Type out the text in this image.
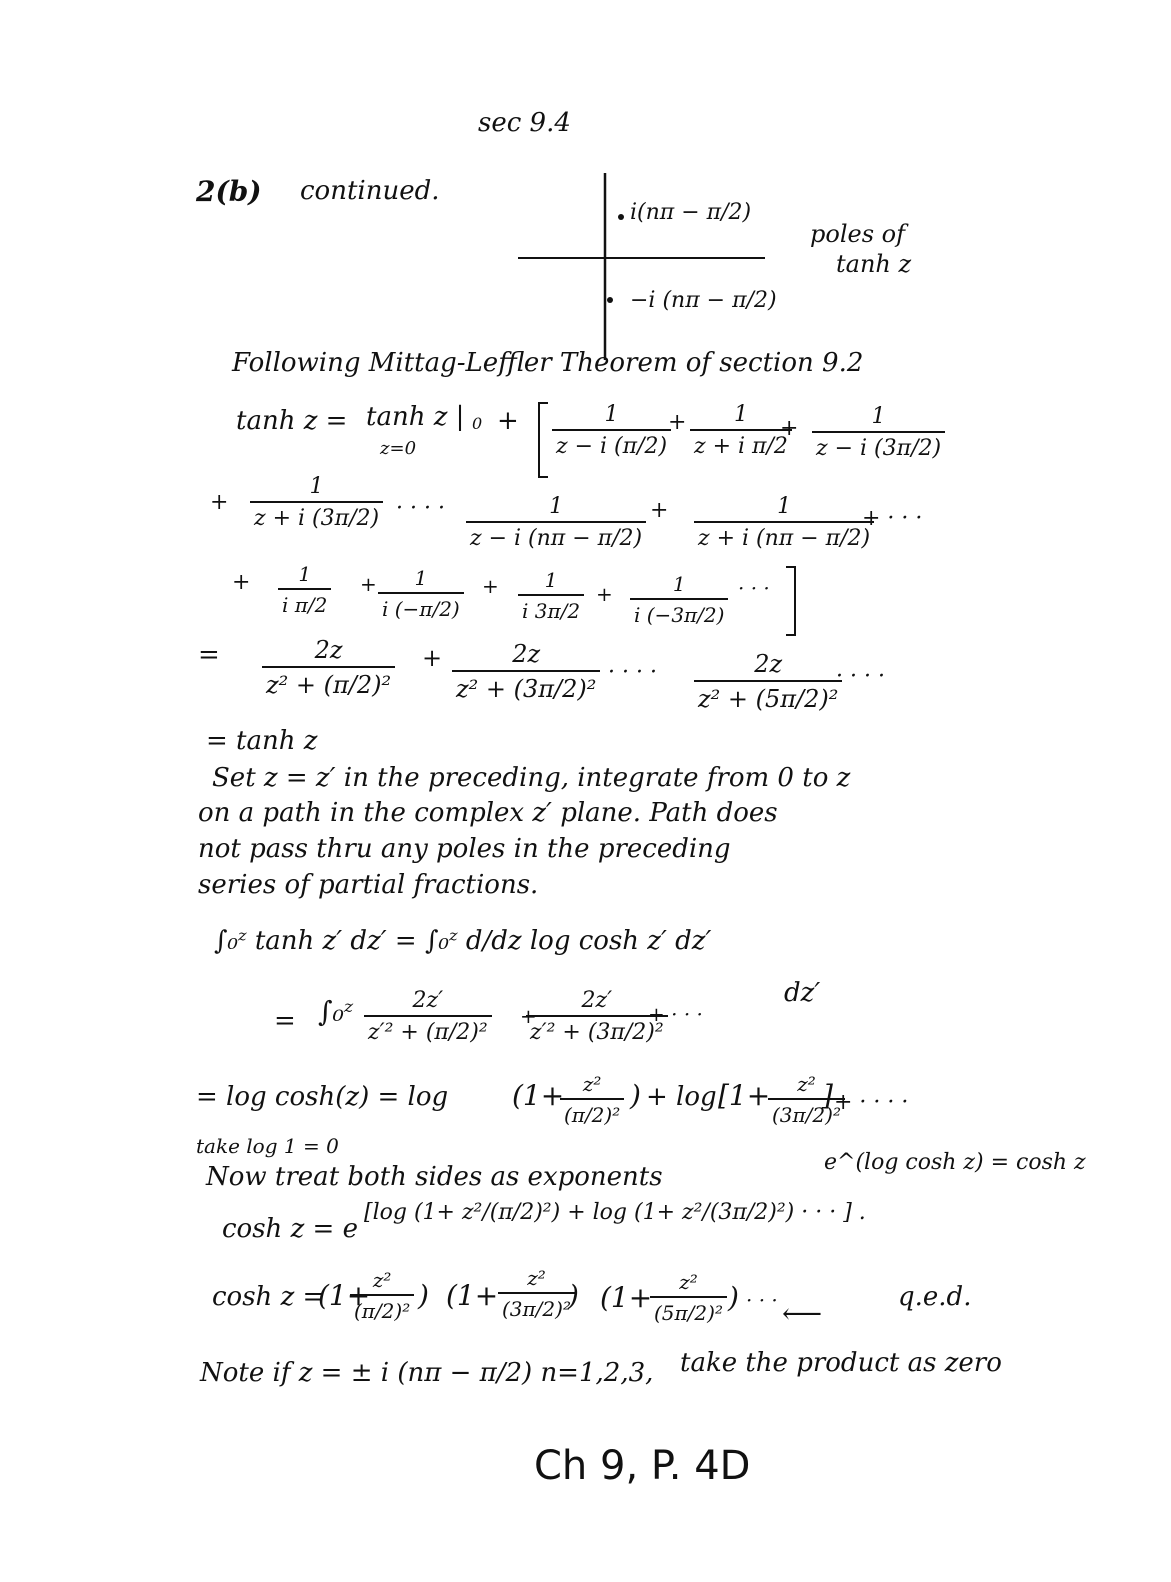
sec 9.4
2(b) continued.
i(nπ − π/2)
−i (nπ − π/2)
poles of
tanh z
Following Mittag-Leffler Theorem of section 9.2
tanh z = tanh z | 0
z=0
+ $\frac{1}{z - i (\pi/2)}$
+ $\frac{1}{\text{z + i π/2}}$
+ $\frac{1}{z - i (3\pi/2)}$
+ $\frac{1}{z + i (3\pi/2)}$ · · · · $\frac{1}{z - i (n\pi - \pi/2)} + \frac{1}{z + i (n\pi - \pi/2)}$
+ · · ·
+ $\frac{1}{\text{i π/2}} + \frac{1}{i (-\pi/2)} + \frac{1}{i 3\pi/2} + \frac{1}{i (-3\pi/2)}$ · · ·
= $\frac{2z}{\text{z² + (π/2)²}} + \frac{2z}{\text{z² + (3π/2)²}}$ · · · · $\frac{2z}{\text{z² + (5π/2)²}}$
· · · ·
= tanh z
Set z = z′ in the preceding, integrate from 0 to z
on a path in the complex z′ plane. Path does
not pass thru any poles in the preceding
series of partial fractions.
∫₀ᶻ tanh z′ dz′ = ∫₀ᶻ d/dz log cosh z′ dz′
= ∫₀ᶻ $\frac{2z'}{\text{z′² + (π/2)²}}$ +
$\frac{2z'}{\text{z′² + (3π/2)²}}$
+ · · ·
dz′
= log cosh(z) = log (1+
$\frac{\text{z²}}{\text{(π/2)²}}$ ) + log [1+
$\frac{\text{z²}}{\text{(3π/2)²}}$
] + · · · ·
take log 1 = 0
Now treat both sides as exponents	e^(log cosh z) = cosh z
cosh z = e
[log (1+ z²/(π/2)²) + log (1+ z²/(3π/2)²) · · · ] .
cosh z =
(1+
$\frac{\text{z²}}{\text{(π/2)²}}$ ) ($1+ \frac{\text{z²}}{\text{(3π/2)²}}$
) (1+
$\frac{\text{z²}}{\text{(5π/2)²}}$ ) · · · ⟵	q.e.d.
Note if z = ± i (nπ − π/2) n=1,2,3, take the product as zero
Ch 9, P. 4D
